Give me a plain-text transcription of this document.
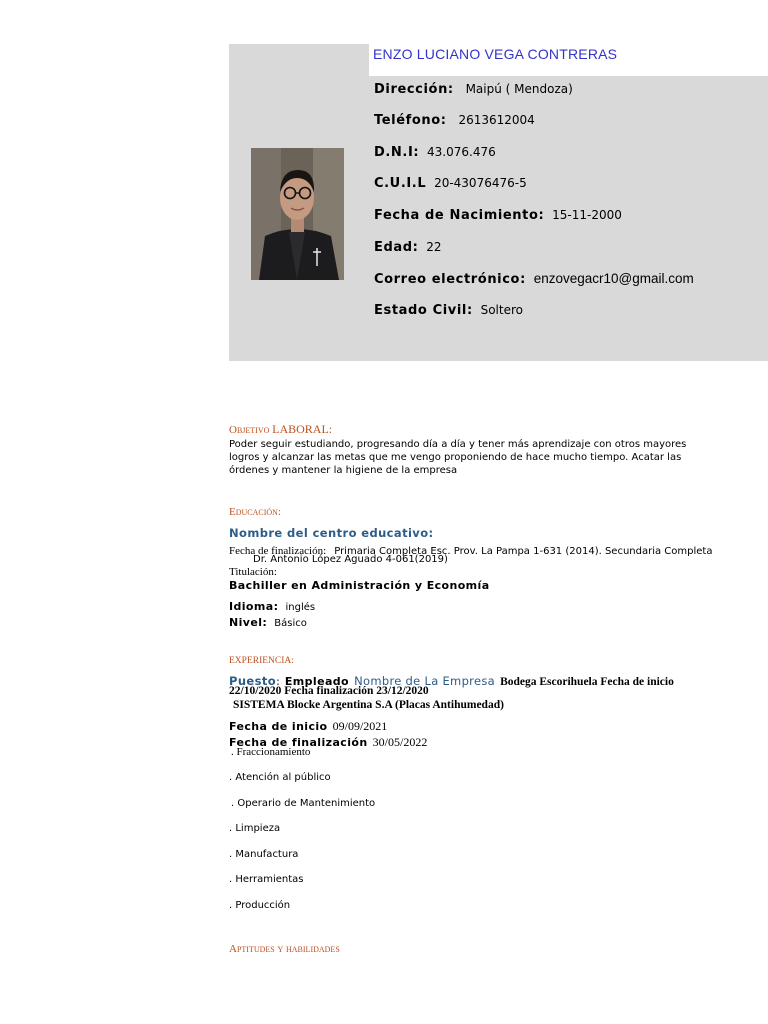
ENZO LUCIANO VEGA CONTRERAS
Dirección: Maipú ( Mendoza)
Teléfono: 2613612004
D.N.I: 43.076.476
C.U.I.L 20-43076476-5
Fecha de Nacimiento: 15-11-2000
Edad: 22
Correo electrónico: enzovegacr10@gmail.com
Estado Civil: Soltero
Objetivo LABORAL:
Poder seguir estudiando, progresando día a día y tener más aprendizaje con otros mayores logros y alcanzar las metas que me vengo proponiendo de hace mucho tiempo. Acatar las órdenes y mantener la higiene de la empresa
Educación:
Nombre del centro educativo:
Fecha de finalización: Primaria Completa Esc. Prov. La Pampa 1-631 (2014). Secundaria Completa
Dr. Antonio López Aguado 4-061(2019)
Titulación:
Bachiller en Administración y Economía
Idioma: inglés
Nivel: Básico
EXPERIENCIA:
Puesto: Empleado Nombre de La Empresa Bodega Escorihuela Fecha de inicio
22/10/2020 Fecha finalización 23/12/2020
SISTEMA Blocke Argentina S.A (Placas Antihumedad)
Fecha de inicio 09/09/2021
Fecha de finalización 30/05/2022
. Fraccionamiento
. Atención al público
. Operario de Mantenimiento
. Limpieza
. Manufactura
. Herramientas
. Producción
Aptitudes y habilidades
